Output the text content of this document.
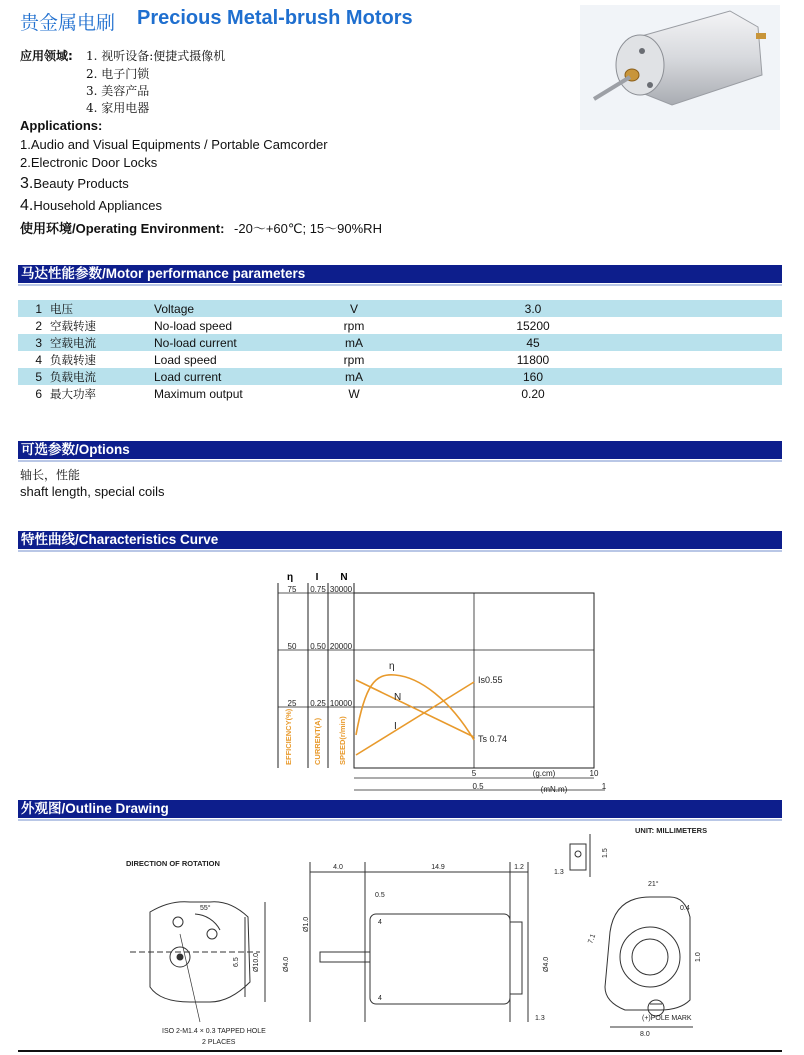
贵金属电刷 Precious Metal-brush Motors
应用领域: 1. 视听设备:便捷式摄像机
2. 电子门锁
3. 美容产品
4. 家用电器
Applications:
1.Audio and Visual Equipments / Portable Camcorder
2.Electronic Door Locks
3.Beauty Products
4.Household Appliances
使用环境/Operating Environment: -20～+60℃; 15～90%RH
马达性能参数/Motor performance parameters
1	电压	Voltage	V	3.0
2	空载转速	No-load speed	rpm	15200
3	空载电流	No-load current	mA	45
4	负载转速	Load speed	rpm	11800
5	负载电流	Load current	mA	160
6	最大功率	Maximum output	W	0.20
可选参数/Options
轴长，性能
shaft length, special coils
特性曲线/Characteristics Curve
η I N
75 0.75 30000
50 0.50 20000
25 0.25 10000
EFFICIENCY(%)	CURRENT(A) SPEED(r/min)
η
N
I
Is0.55
Ts 0.74
5	10
(g.cm)
0.5	1
(mN.m)
外观图/Outline Drawing
UNIT: MILLIMETERS
DIRECTION OF ROTATION
55°
6.5 Ø10.0
ISO 2-M1.4 × 0.3 TAPPED HOLE
2 PLACES
4.0	14.9	1.2
0.5
Ø1.0
Ø4.0	Ø4.0
4
4
1.3
1.5
1.3
21°
0.4
7.1
1.0
8.0
(+)POLE MARK
